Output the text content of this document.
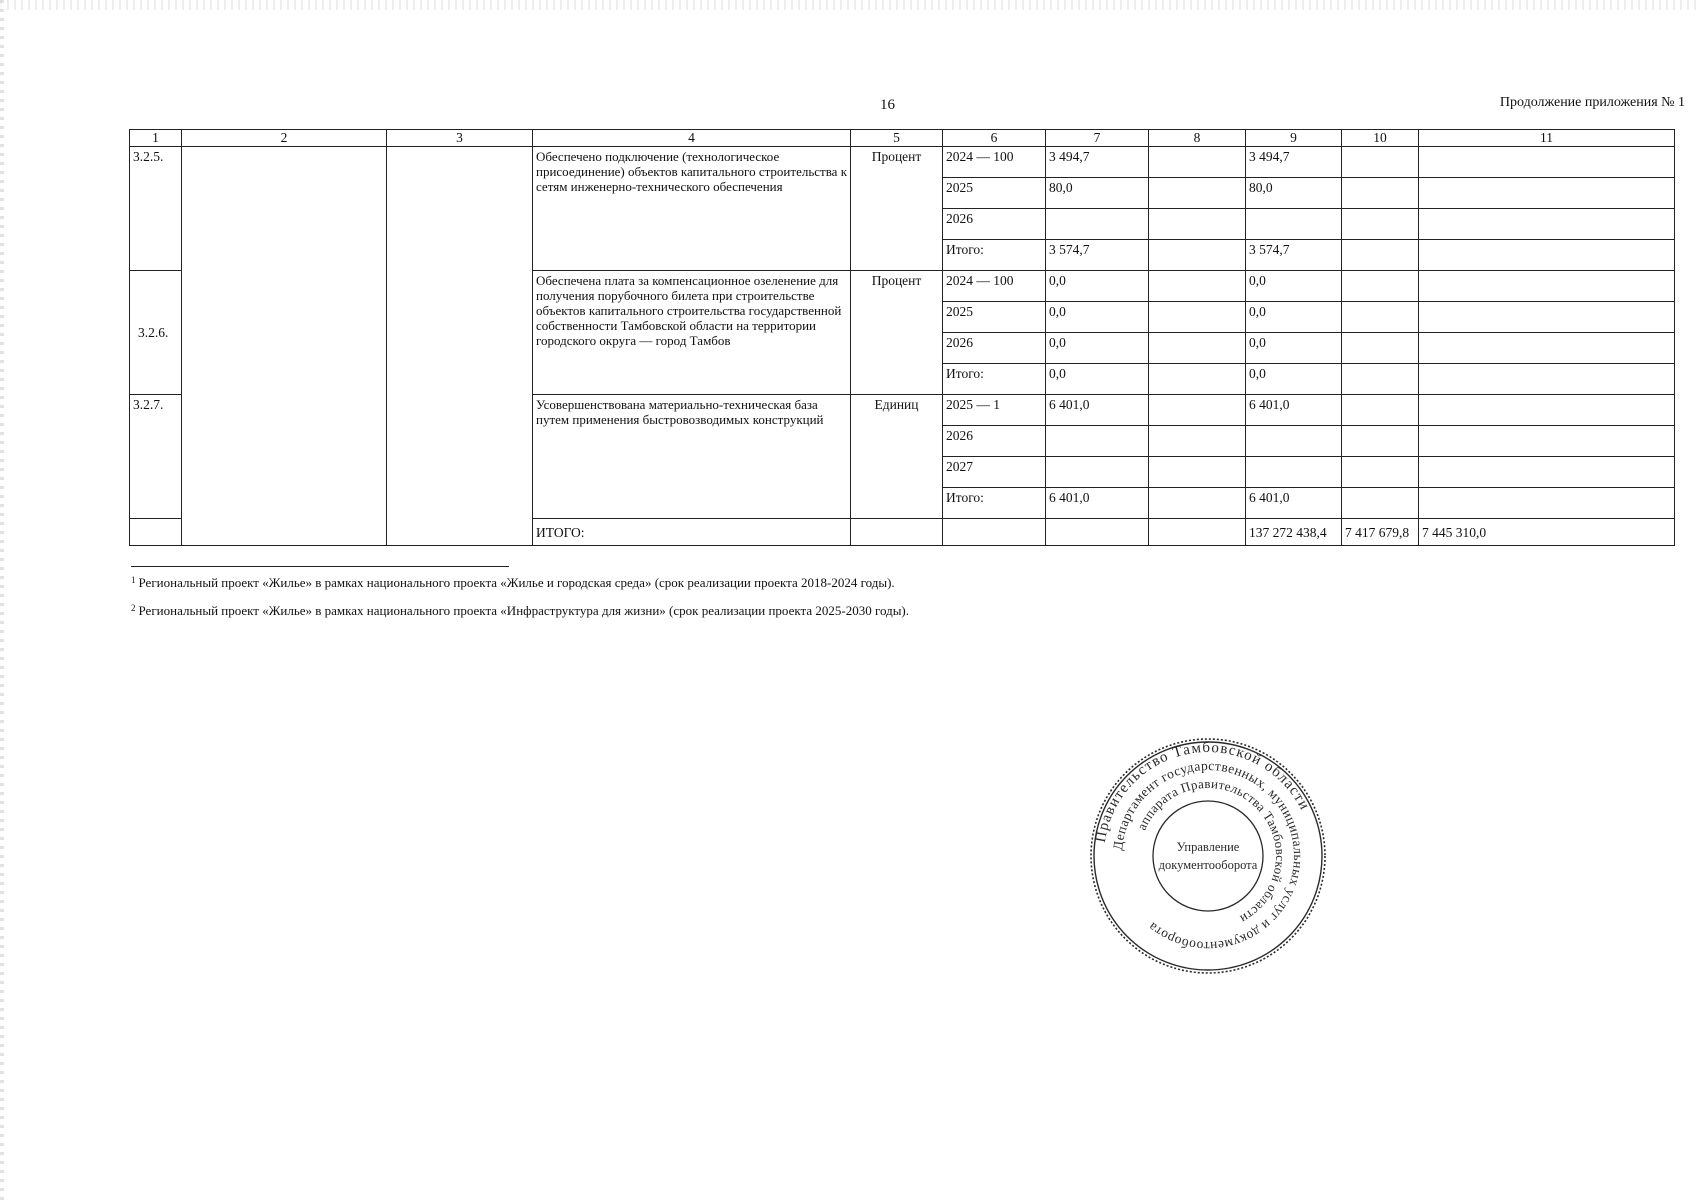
16	Продолжение приложения № 1
1	2	3	4	5	6	7	8	9	10	11	
3.2.5.			Обеспечено подключение (технологическое присоединение) объектов капитального строительства к сетям инженерно-технического обеспечения	Процент	2024 — 100	3 494,7		3 494,7			
					2025	80,0		80,0			
					2026						
					Итого:	3 574,7		3 574,7			
3.2.6.			Обеспечена плата за компенсационное озеленение для получения порубочного билета при строительстве объектов капитального строительства государственной собственности Тамбовской области на территории городского округа — город Тамбов	Процент	2024 — 100	0,0		0,0			
					2025	0,0		0,0			
					2026	0,0		0,0			
					Итого:	0,0		0,0			
3.2.7.			Усовершенствована материально-техническая база путем применения быстровозводимых конструкций	Единиц	2025 — 1	6 401,0		6 401,0			
					2026						
					2027						
					Итого:	6 401,0		6 401,0			
			ИТОГО:					137 272 438,4	7 417 679,8	7 445 310,0		
$^1$ Региональный проект «Жилье» в рамках национального проекта «Жилье и городская среда» (срок реализации проекта 2018-2024 годы).
$^2$ Региональный проект «Жилье» в рамках национального проекта «Инфраструктура для жизни» (срок реализации проекта 2025-2030 годы).
Правительство Тамбовской области
Департамент государственных, муниципальных услуг и документооборота
аппарата Правительства Тамбовской области
Управление
документооборота
